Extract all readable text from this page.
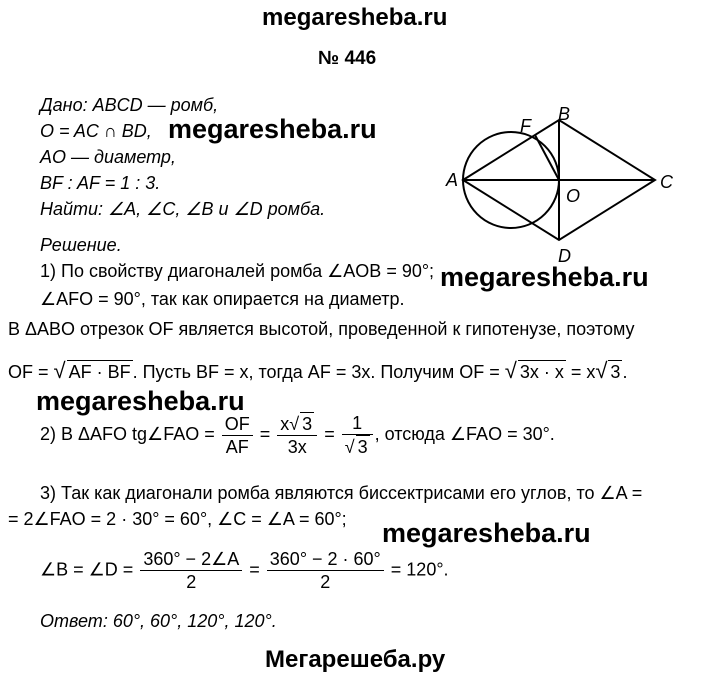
megaresheba.ru
№ 446
Дано: ABCD — ромб,
O = AC ∩ BD,
AO — диаметр,
BF : AF = 1 : 3.
Найти: ∠A, ∠C, ∠B и ∠D ромба.
megaresheba.ru
megaresheba.ru
megaresheba.ru
megaresheba.ru
A
B
C
D
F
O
Решение.
1) По свойству диагоналей ромба ∠AOB = 90°;
∠AFO = 90°, так как опирается на диаметр.
В ΔABO отрезок OF является высотой, проведенной к гипотенузе, поэтому
OF = √ AF · BF . Пусть BF = x, тогда AF = 3x. Получим OF = √ 3x · x = x√ 3 .
2) В ΔAFO tg∠FAO = $\frac{OF}{AF} = \frac{x√ 3}{3x} = \frac{1}{√ 3}$ , отсюда ∠FAO = 30°.
3) Так как диагонали ромба являются биссектрисами его углов, то ∠A =
= 2∠FAO = 2 · 30° = 60°, ∠C = ∠A = 60°;
∠B = ∠D = $\frac{360^\circ - 2\angle A}{2} = \frac{360^\circ - 2 \cdot 60^\circ}{2} = 120^\circ$.
Ответ: 60°, 60°, 120°, 120°.
Мегарешеба.ру
